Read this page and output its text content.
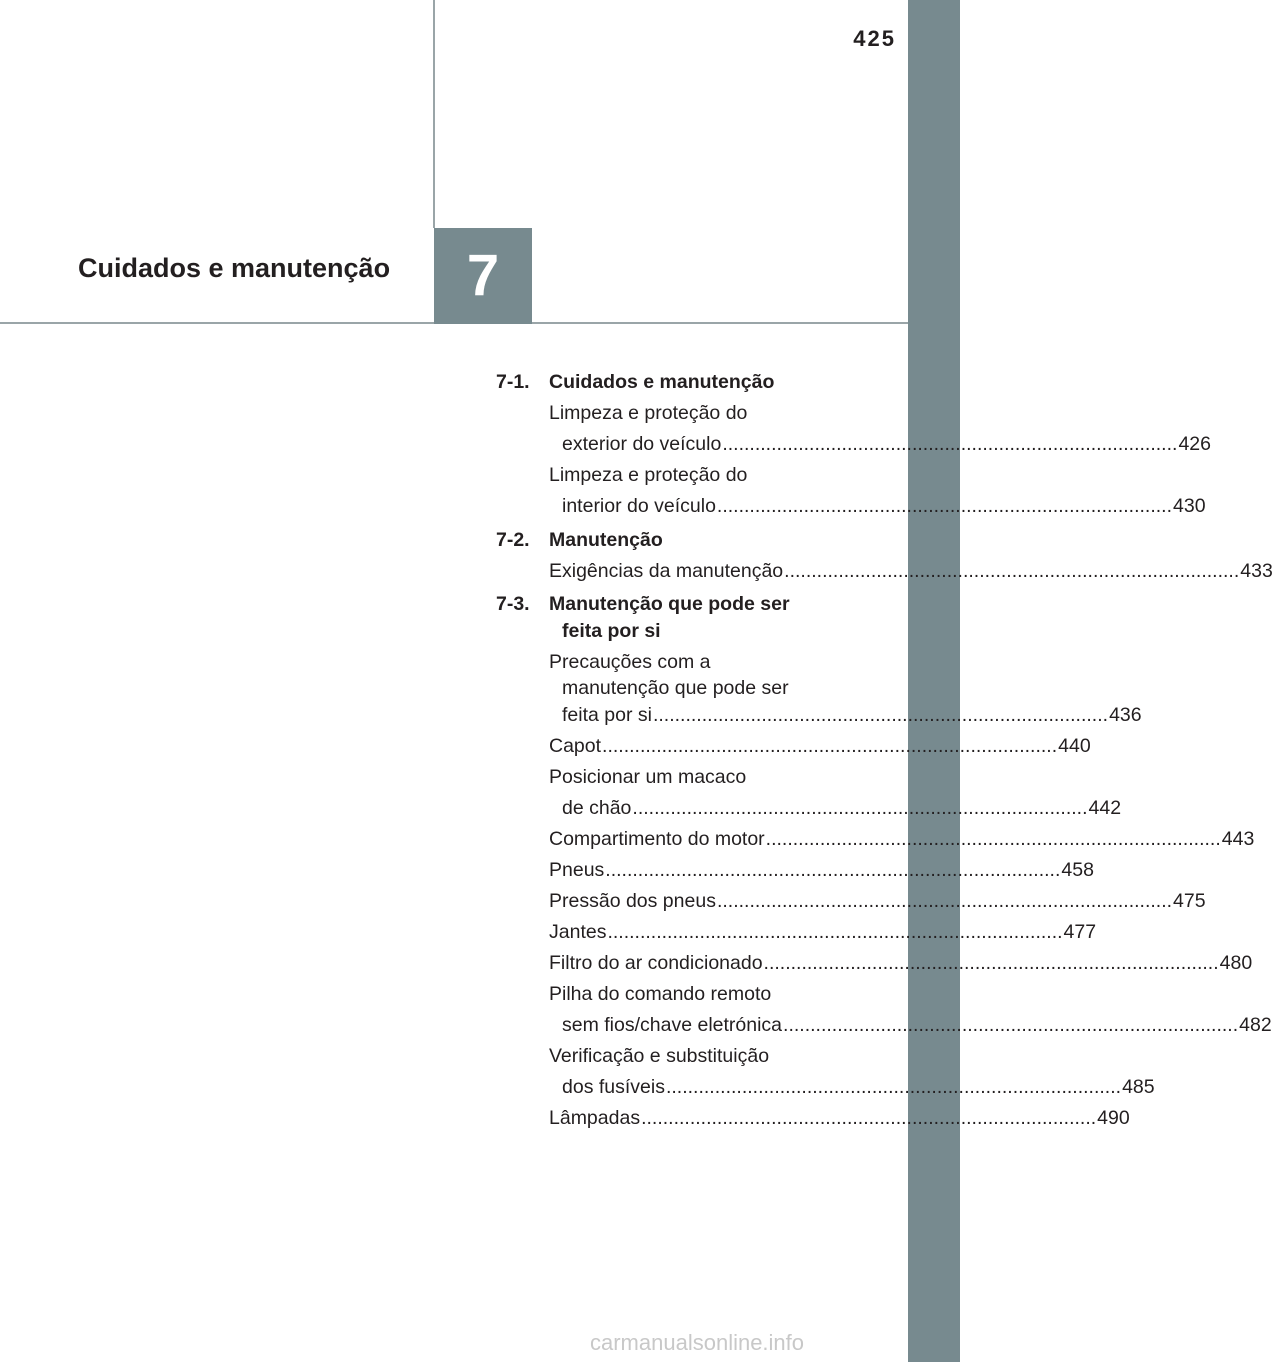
425
Cuidados e manutenção	7
7-1. Cuidados e manutenção
Limpeza e proteção do
exterior do veículo .................................................................................... 426
Limpeza e proteção do
interior do veículo .................................................................................... 430
7-2. Manutenção
Exigências da manutenção .................................................................................... 433
7-3. Manutenção que pode ser
feita por si
Precauções com a
manutenção que pode ser
feita por si .................................................................................... 436
Capot .................................................................................... 440
Posicionar um macaco
de chão .................................................................................... 442
Compartimento do motor .................................................................................... 443
Pneus .................................................................................... 458
Pressão dos pneus .................................................................................... 475
Jantes .................................................................................... 477
Filtro do ar condicionado .................................................................................... 480
Pilha do comando remoto
sem fios/chave eletrónica .................................................................................... 482
Verificação e substituição
dos fusíveis .................................................................................... 485
Lâmpadas .................................................................................... 490
carmanualsonline.info
